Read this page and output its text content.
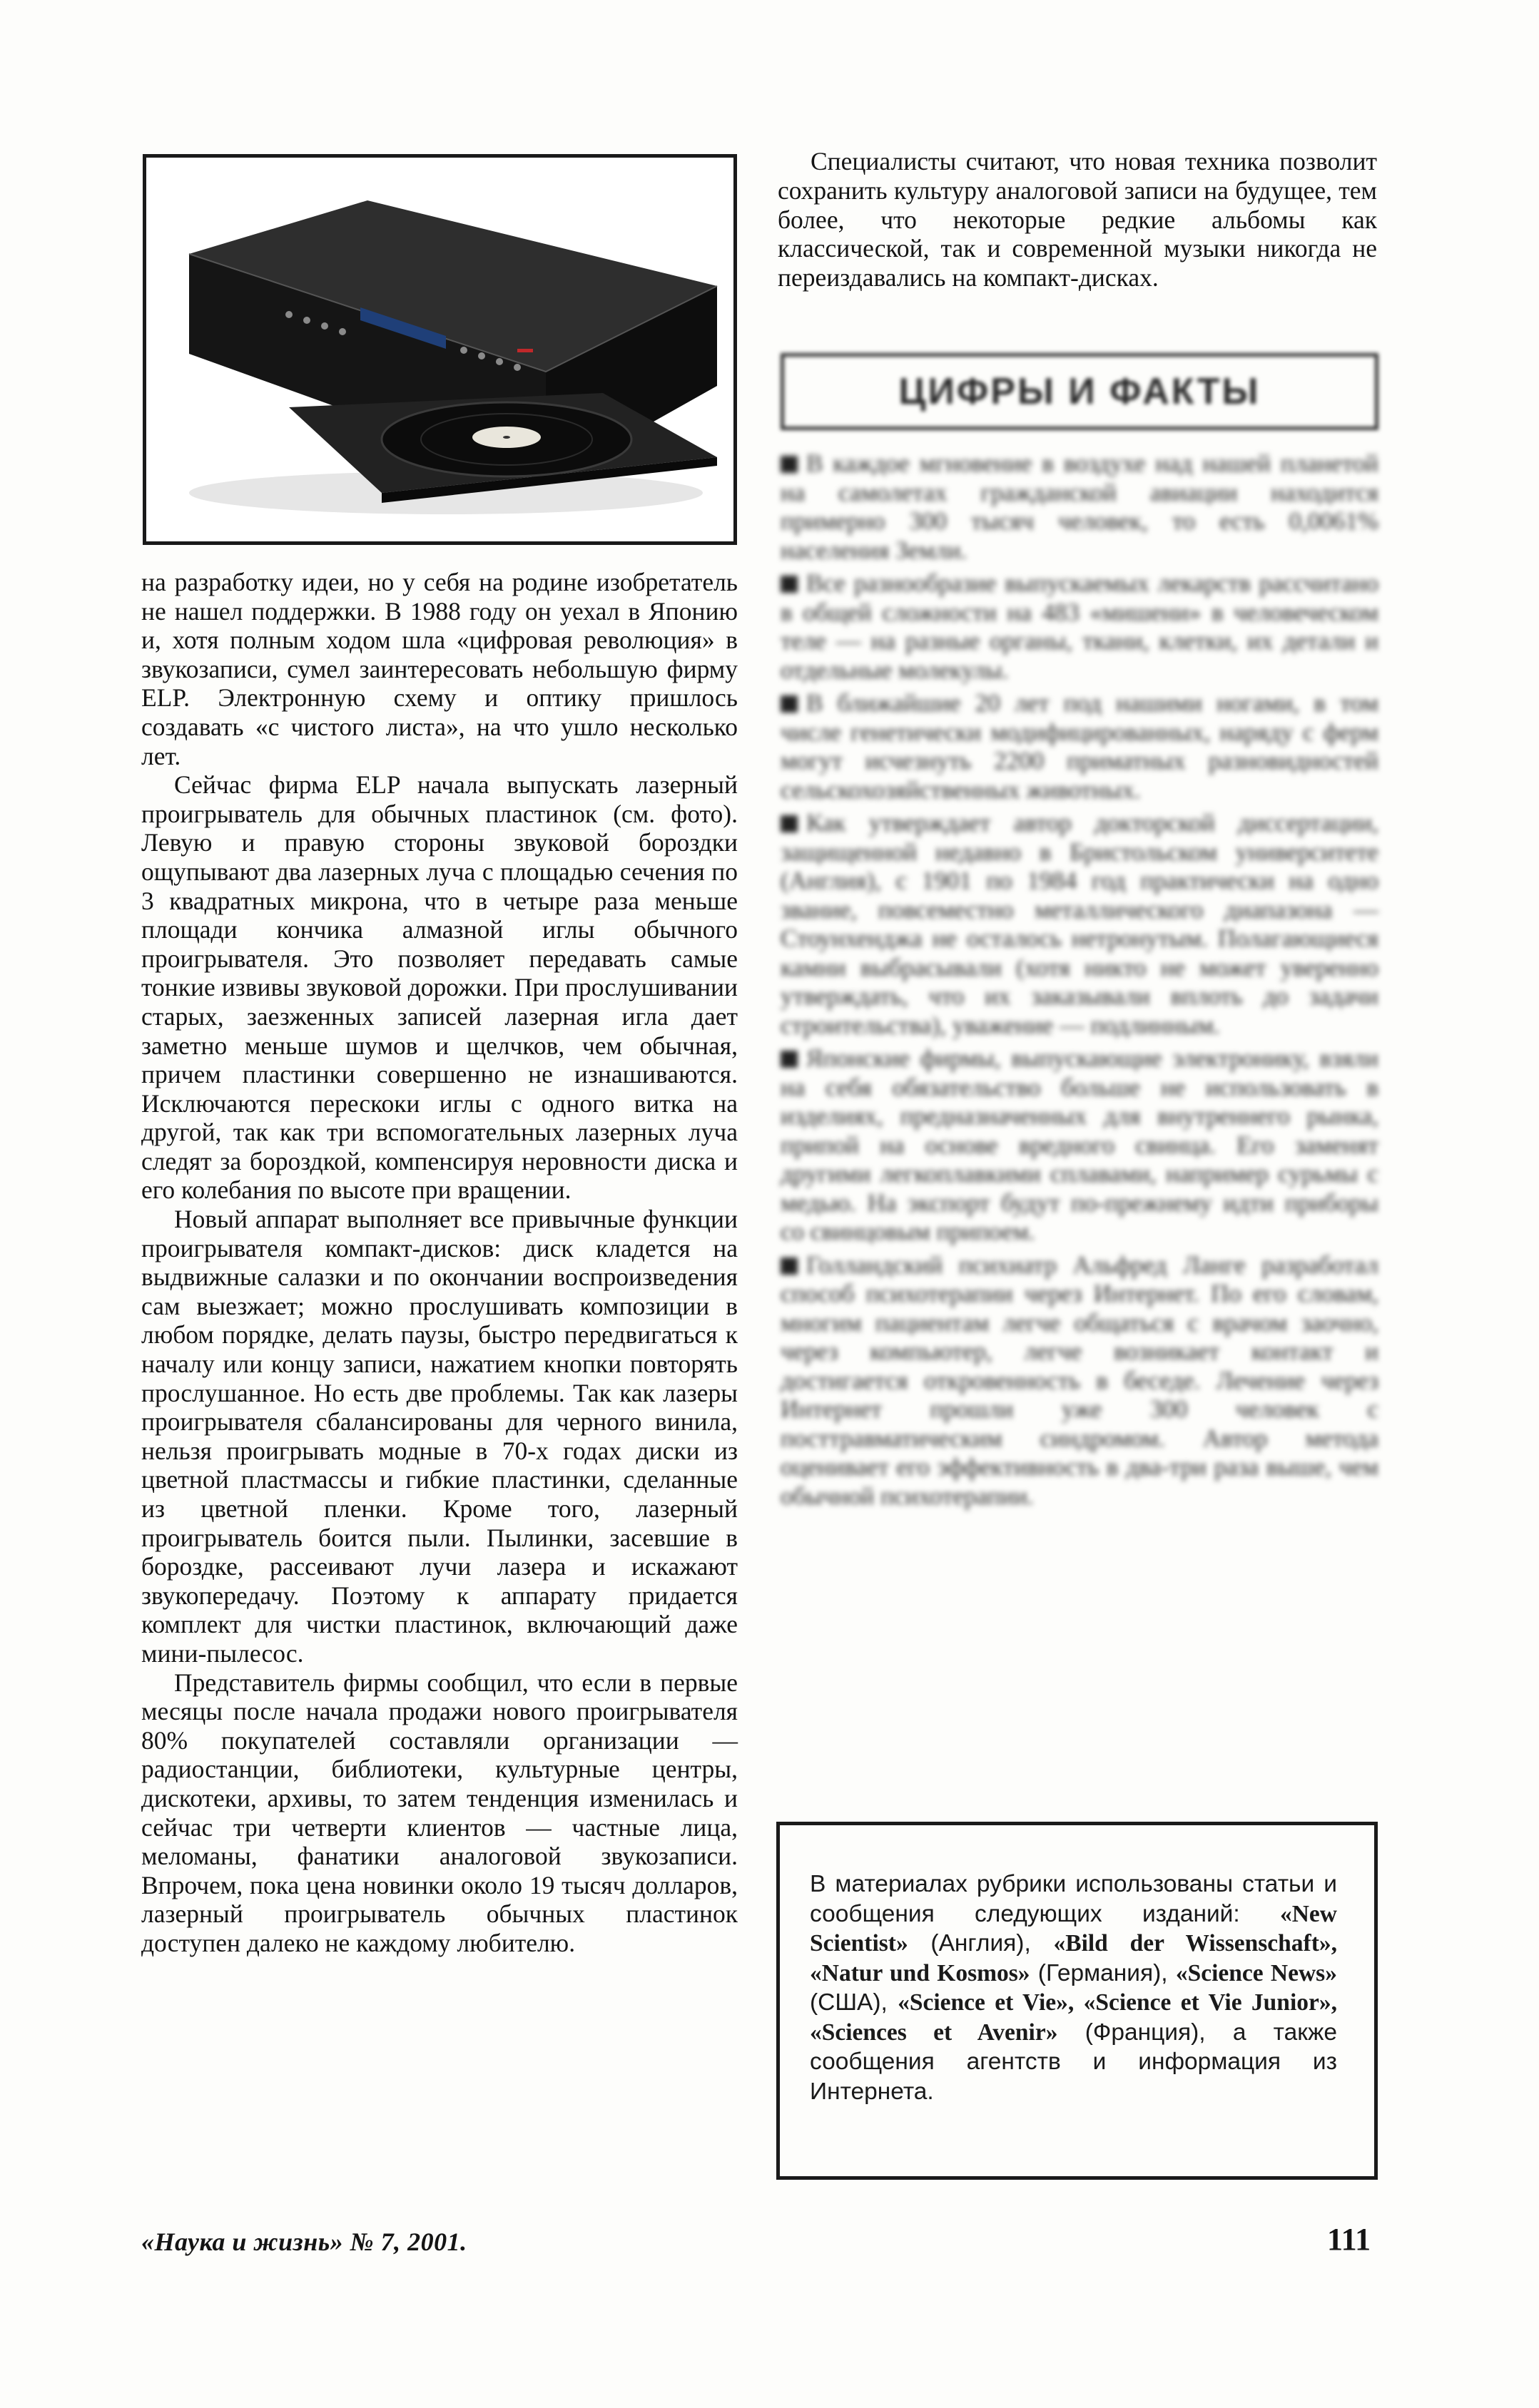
на разработку идеи, но у себя на родине изобретатель не нашел поддержки. В 1988 году он уехал в Японию и, хотя полным ходом шла «цифровая революция» в звукозаписи, сумел заинтересовать небольшую фирму ELP. Электронную схему и оптику пришлось создавать «с чистого листа», на что ушло несколько лет.

Сейчас фирма ELP начала выпускать лазерный проигрыватель для обычных пластинок (см. фото). Левую и правую стороны звуковой бороздки ощупывают два лазерных луча с площадью сечения по 3 квадратных микрона, что в четыре раза меньше площади кончика алмазной иглы обычного проигрывателя. Это позволяет передавать самые тонкие извивы звуковой дорожки. При прослушивании старых, заезженных записей лазерная игла дает заметно меньше шумов и щелчков, чем обычная, причем пластинки совершенно не изнашиваются. Исключаются перескоки иглы с одного витка на другой, так как три вспомогательных лазерных луча следят за бороздкой, компенсируя неровности диска и его колебания по высоте при вращении.

Новый аппарат выполняет все привычные функции проигрывателя компакт-дисков: диск кладется на выдвижные салазки и по окончании воспроизведения сам выезжает; можно прослушивать композиции в любом порядке, делать паузы, быстро передвигаться к началу или концу записи, нажатием кнопки повторять прослушанное. Но есть две проблемы. Так как лазеры проигрывателя сбалансированы для черного винила, нельзя проигрывать модные в 70-х годах диски из цветной пластмассы и гибкие пластинки, сделанные из цветной пленки. Кроме того, лазерный проигрыватель боится пыли. Пылинки, засевшие в бороздке, рассеивают лучи лазера и искажают звукопередачу. Поэтому к аппарату придается комплект для чистки пластинок, включающий даже мини-пылесос.

Представитель фирмы сообщил, что если в первые месяцы после начала продажи нового проигрывателя 80% покупателей составляли организации — радиостанции, библиотеки, культурные центры, дискотеки, архивы, то затем тенденция изменилась и сейчас три четверти клиентов — частные лица, меломаны, фанатики аналоговой звукозаписи. Впрочем, пока цена новинки около 19 тысяч долларов, лазерный проигрыватель обычных пластинок доступен далеко не каждому любителю.

Специалисты считают, что новая техника позволит сохранить культуру аналоговой записи на будущее, тем более, что некоторые редкие альбомы как классической, так и современной музыки никогда не переиздавались на компакт-дисках.

ЦИФРЫ И ФАКТЫ

В каждое мгновение в воздухе над нашей планетой на самолетах гражданской авиации находится примерно 300 тысяч человек, то есть 0,0061% населения Земли.

Все разнообразие выпускаемых лекарств рассчитано в общей сложности на 483 «мишени» в человеческом теле — на разные органы, ткани, клетки, их детали и отдельные молекулы.

В ближайшие 20 лет под нашими ногами, в том числе генетически модифицированных, наряду с ферм могут исчезнуть 2200 приматных разновидностей сельскохозяйственных животных.

Как утверждает автор докторской диссертации, защищенной недавно в Бристольском университете (Англия), с 1901 по 1984 год практически на одно звание, повсеместно металлического диапазона — Стоунхенджа не осталось нетронутым. Полагающиеся камни выбрасывали (хотя никто не может уверенно утверждать, что их заказывали вплоть до задачи строительства), уважение — подлинным.

Японские фирмы, выпускающие электронику, взяли на себя обязательство больше не использовать в изделиях, предназначенных для внутреннего рынка, припой на основе вредного свинца. Его заменят другими легкоплавкими сплавами, например сурьмы с медью. На экспорт будут по-прежнему идти приборы со свинцовым припоем.

Голландский психиатр Альфред Ланге разработал способ психотерапии через Интернет. По его словам, многим пациентам легче общаться с врачом заочно, через компьютер, легче возникает контакт и достигается откровенность в беседе. Лечение через Интернет прошли уже 300 человек с посттравматическим синдромом. Автор метода оценивает его эффективность в два-три раза выше, чем обычной психотерапии.

В материалах рубрики использованы статьи и сообщения следующих изданий: «New Scientist» (Англия), «Bild der Wissenschaft», «Natur und Kosmos» (Германия), «Science News» (США), «Science et Vie», «Science et Vie Junior», «Sciences et Avenir» (Франция), а также сообщения агентств и информация из Интернета.
«Наука и жизнь» № 7, 2001.	111
